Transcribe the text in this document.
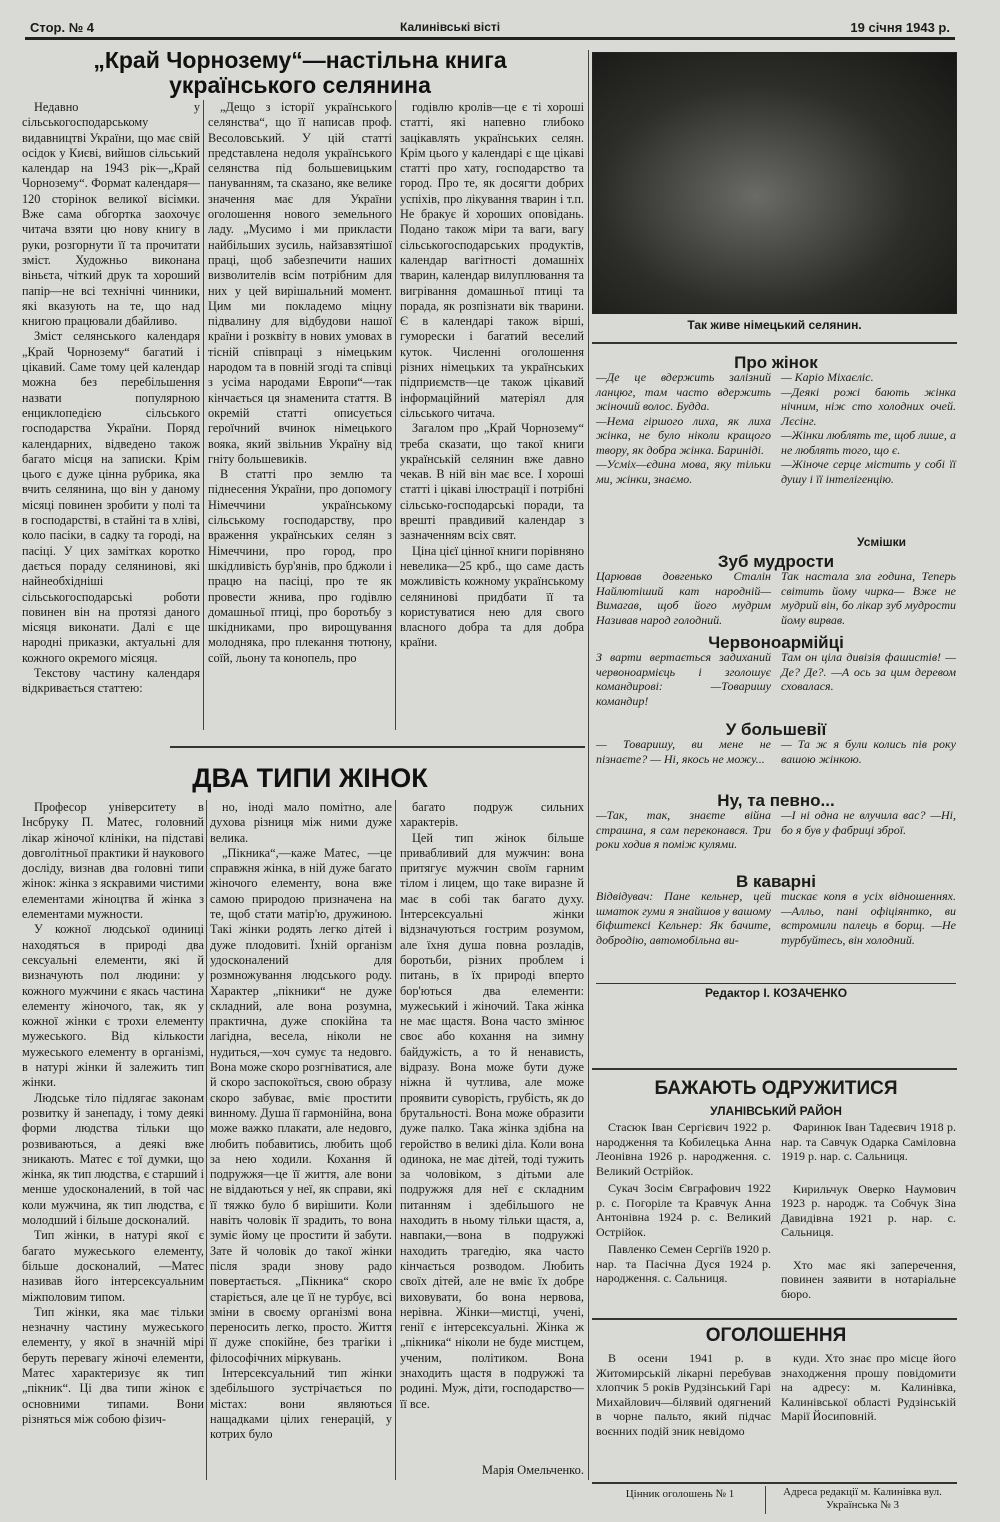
Стор. № 4	Калинівські вісті	19 січня 1943 р.
„Край Чорнозему“—настільна книга українського селянина

Недавно у сільськогосподарському видавництві України, що має свій осідок у Києві, вийшов сільський календар на 1943 рік—„Край Чорнозему“. Формат календаря—120 сторінок великої вісімки. Вже сама обгортка заохочує читача взяти цю нову книгу в руки, розгорнути її та прочитати зміст. Художньо виконана віньєта, чіткий друк та хороший папір—не всі технічні чинники, які вказують на те, що над книгою працювали дбайливо.

Зміст селянського календаря „Край Чорнозему“ багатий і цікавий. Саме тому цей календар можна без перебільшення назвати популярною енциклопедією сільського господарства України. Поряд календарних, відведено також багато місця на записки. Крім цього є дуже цінна рубрика, яка вчить селянина, що він у даному місяці повинен зробити у полі та в господарстві, в стайні та в хліві, коло пасіки, в садку та городі, на пасіці. У цих замітках коротко дається пораду селянинові, які найнеобхідніші сільськогосподарські роботи повинен він на протязі даного місяця виконати. Далі є ще народні приказки, актуальні для кожного окремого місяця.

Текстову частину календаря відкривається статтею:

„Дещо з історії українського селянства“, що її написав проф. Весоловський. У цій статті представлена недоля українського селянства під большевицьким пануванням, та сказано, яке велике значення має для України оголошення нового земельного ладу. „Мусимо і ми прикласти найбільших зусиль, найзавзятішої праці, щоб забезпечити наших визволителів всім потрібним для них у цей вирішальний момент. Цим ми покладемо міцну підвалину для відбудови нашої країни і розквіту в нових умовах в тісній співпраці з німецьким народом та в повній згоді та співці з усіма народами Европи“—так кінчається ця знаменита стаття. В окремій статті описується героїчний вчинок німецького вояка, який звільнив Україну від гніту большевиків.

В статті про землю та піднесення України, про допомогу Німеччини українському сільському господарству, про враження українських селян з Німеччини, про город, про шкідливість бур'янів, про бджоли і працю на пасіці, про те як провести жнива, про годівлю домашньої птиці, про боротьбу з шкідниками, про вирощування молодняка, про плекання тютюну, соїй, льону та конопель, про

годівлю кролів—це є ті хороші статті, які напевно глибоко зацікавлять українських селян. Крім цього у календарі є ще цікаві статті про хату, господарство та город. Про те, як досягти добрих успіхів, про лікування тварин і т.п. Не бракує й хороших оповідань. Подано також міри та ваги, вагу сільськогосподарських продуктів, календар вагітності домашніх тварин, календар вилуплювання та вигрівання домашньої птиці та порада, як розпізнати вік тварини. Є в календарі також вірші, гуморески і багатий веселий куток. Численні оголошення різних німецьких та українських підприємств—це також цікавий інформаційний матеріял для сільського читача.

Загалом про „Край Чорнозему“ треба сказати, що такої книги українській селянин вже давно чекав. В ній він має все. І хороші статті і цікаві ілюстрації і потрібні сільсько-господарські поради, та врешті правдивий календар з зазначенням всіх свят.

Ціна цієї цінної книги порівняно невелика—25 крб., що саме дасть можливість кожному українському селянинові придбати її та користуватися нею для свого власного добра та для добра країни.

Так живе німецький селянин.
Про жінок
—Де це вдержить залізний ланцюг, там часто вдержить жіночий волос. Будда.
—Нема гіршого лиха, як лиха жінка, не було ніколи кращого твору, як добра жінка. Бариніді.
—Усміх—єдина мова, яку тільки ми, жінки, знаємо.
— Каріо Міхаєліс.
—Деякі рожі бають жінка нічним, ніж сто холодних очей. Лєсінг.
—Жінки люблять те, щоб лише, а не люблять того, що є.
—Жіноче серце містить у собі її душу і її інтелігенцію.
Усмішки
Зуб мудрости
Царював довгенько Сталін Найлютіший кат народній— Вимагав, щоб його мудрим Називав народ голодний.
Так настала зла година, Теперь світить йому чирка— Вже не мудрий він, бо лікар зуб мудрости йому вирвав.
Червоноармійці
З варти вертається задиханий червоноармієць і зголошує командирові: —Товаришу командир!
Там он ціла дивізія фашистів! —Де? Де?. —А ось за цим деревом сховалася.
У большевії
— Товаришу, ви мене не пізнаєте? — Ні, якось не можу...
— Та ж я були колись пів року вашою жінкою.
Ну, та певно...
—Так, так, знаєте війна страшна, я сам переконався. Три роки ходив я поміж кулями.
—І ні одна не влучила вас? —Ні, бо я був у фабриці зброї.
В каварні
Відвідувач: Пане кельнер, цей шматок гуми я знайшов у вашому біфштексі Кельнер: Як бачите, добродію, автомобільна ви-
тискає копя в усіх відношеннях. —Алльо, пані офіціянтко, ви встромили палець в борщ. —Не турбуйтесь, він холодний.
Редактор І. КОЗАЧЕНКО
ДВА ТИПИ ЖІНОК

Професор університету в Інсбруку П. Матес, головний лікар жіночої клініки, на підставі довголітньої практики й наукового досліду, визнав два головні типи жінок: жінка з яскравими чистими елементами жіноцтва й жінка з елементами мужности.

У кожної людської одиниці находяться в природі два сексуальні елементи, які й визначують пол людини: у кожного мужчини є якась частина елементу жіночого, так, як у кожної жінки є трохи елементу мужеського. Від кількости мужеського елементу в організмі, в натурі жінки й залежить тип жінки.

Людське тіло підлягає законам розвитку й занепаду, і тому деякі форми людства тільки що розвиваються, а деякі вже зникають. Матес є тої думки, що жінка, як тип людства, є старший і менше удосконалений, в той час коли мужчина, як тип людства, є молодший і більше досконалий.

Тип жінки, в натурі якої є багато мужеського елементу, більше досконалий, —Матес називав його інтерсексуальним міжполовим типом.

Тип жінки, яка має тільки незначну частину мужеського елементу, у якої в значній мірі беруть перевагу жіночі елементи, Матес характеризує як тип „пікник“. Ці два типи жінок є основними типами. Вони різняться між собою фізич-

но, іноді мало помітно, але духова різниця між ними дуже велика.

„Пікника“,—каже Матес, —це справжня жінка, в ній дуже багато жіночого елементу, вона вже самою природою призначена на те, щоб стати матір'ю, дружиною. Такі жінки родять легко дітей і дуже плодовиті. Їхній організм удосконалений для розмножування людського роду. Характер „пікники“ не дуже складний, але вона розумна, практична, дуже спокійна та лагідна, весела, ніколи не нудиться,—хоч сумує та недовго. Вона може скоро розгніватися, але й скоро заспокоїться, свою образу скоро забуває, вміє простити винному. Душа її гармонійна, вона може важко плакати, але недовго, любить побавитись, любить щоб за нею ходили. Кохання й подружжя—це її життя, але вони не віддаються у неї, як справи, які її тяжко було б вирішити. Коли навіть чоловік її зрадить, то вона зуміє йому це простити й забути. Зате й чоловік до такої жінки після зради знову радо повертається. „Пікника“ скоро старіється, але це її не турбує, всі зміни в своєму організмі вона переносить легко, просто. Життя її дуже спокійне, без трагіки і філософічних міркувань.

Інтерсексуальний тип жінки здебільшого зустрічається по містах: вони являються нащадками цілих генерацій, у котрих було

багато подруж сильних характерів.

Цей тип жінок більше привабливий для мужчин: вона притягує мужчин своїм гарним тілом і лицем, що таке виразне й має в собі так багато духу. Інтерсексуальні жінки відзначуються гострим розумом, але їхня душа повна розладів, боротьби, різних проблем і питань, в їх природі вперто бор'ються два елементи: мужеський і жіночий. Така жінка не має щастя. Вона часто змінює своє або кохання на зимну байдужість, а то й ненависть, відразу. Вона може бути дуже ніжна й чутлива, але може проявити суворість, грубість, як до брутальності. Вона може образити дуже палко. Така жінка здібна на геройство в великі діла. Коли вона одинока, не має дітей, тоді тужить за чоловіком, з дітьми але подружжя для неї є складним питанням і здебільшого не находить в ньому тільки щастя, а, навпаки,—вона в подружжі находить трагедію, яка часто кінчається розводом. Любить своїх дітей, але не вміє їх добре виховувати, бо вона нервова, нерівна. Жінки—мистці, учені, генії є інтерсексуальні. Жінка ж „пікника“ ніколи не буде мистцем, ученим, політиком. Вона знаходить щастя в подружжі та родині. Муж, діти, господарство—її все.

Марія Омельченко.
БАЖАЮТЬ ОДРУЖИТИСЯ
УЛАНІВСЬКИЙ РАЙОН

Стасюк Іван Сергієвич 1922 р. народження та Кобилецька Анна Леонівна 1926 р. народження. с. Великий Острійок.

Сукач Зосім Євграфович 1922 р. с. Погоріле та Кравчук Анна Антонівна 1924 р. с. Великий Острійок.

Павленко Семен Сергіїв 1920 р. нар. та Пасічна Дуся 1924 р. народження. с. Сальниця.

Фаринюк Іван Тадеєвич 1918 р. нар. та Савчук Одарка Саміловна 1919 р. нар. с. Сальниця.

Кирильчук Оверко Наумович 1923 р. народж. та Собчук Зіна Давидівна 1921 р. нар. с. Сальниця.

Хто має які заперечення, повинен заявити в нотаріальне бюро.

ОГОЛОШЕННЯ
В осени 1941 р. в Житомирській лікарні перебував хлопчик 5 років Рудзінський Гарі Михайлович—білявий одягнений в чорне пальто, який підчас воєнних подій зник невідомо
куди. Хто знає про місце його знаходження прошу повідомити на адресу: м. Калинівка, Калинівської області Рудзінській Марії Йосиповній.
Цінник оголошень № 1	Адреса редакції м. Калинівка вул. Українська № 3
